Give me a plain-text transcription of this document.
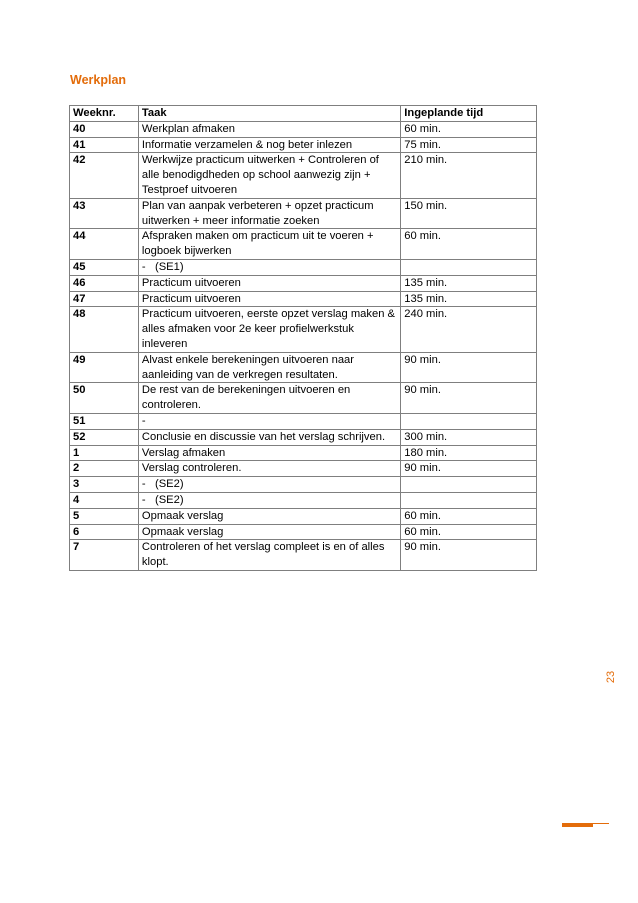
Werkplan
Weeknr.	Taak	Ingeplande tijd
40	Werkplan afmaken	60 min.
41	Informatie verzamelen & nog beter inlezen	75 min.
42	Werkwijze practicum uitwerken + Controleren of alle benodigdheden op school aanwezig zijn + Testproef uitvoeren	210 min.
43	Plan van aanpak verbeteren + opzet practicum uitwerken + meer informatie zoeken	150 min.
44	Afspraken maken om practicum uit te voeren + logboek bijwerken	60 min.
45	-   (SE1)	
46	Practicum uitvoeren	135 min.
47	Practicum uitvoeren	135 min.
48	Practicum uitvoeren, eerste opzet verslag maken & alles afmaken voor 2e keer profielwerkstuk inleveren	240 min.
49	Alvast enkele berekeningen uitvoeren naar aanleiding van de verkregen resultaten.	90 min.
50	De rest van de berekeningen uitvoeren en controleren.	90 min.
51	-	
52	Conclusie en discussie van het verslag schrijven.	300 min.
1	Verslag afmaken	180 min.
2	Verslag controleren.	90 min.
3	-   (SE2)	
4	-   (SE2)	
5	Opmaak verslag	60 min.
6	Opmaak verslag	60 min.
7	Controleren of het verslag compleet is en of alles klopt.	90 min.
23
